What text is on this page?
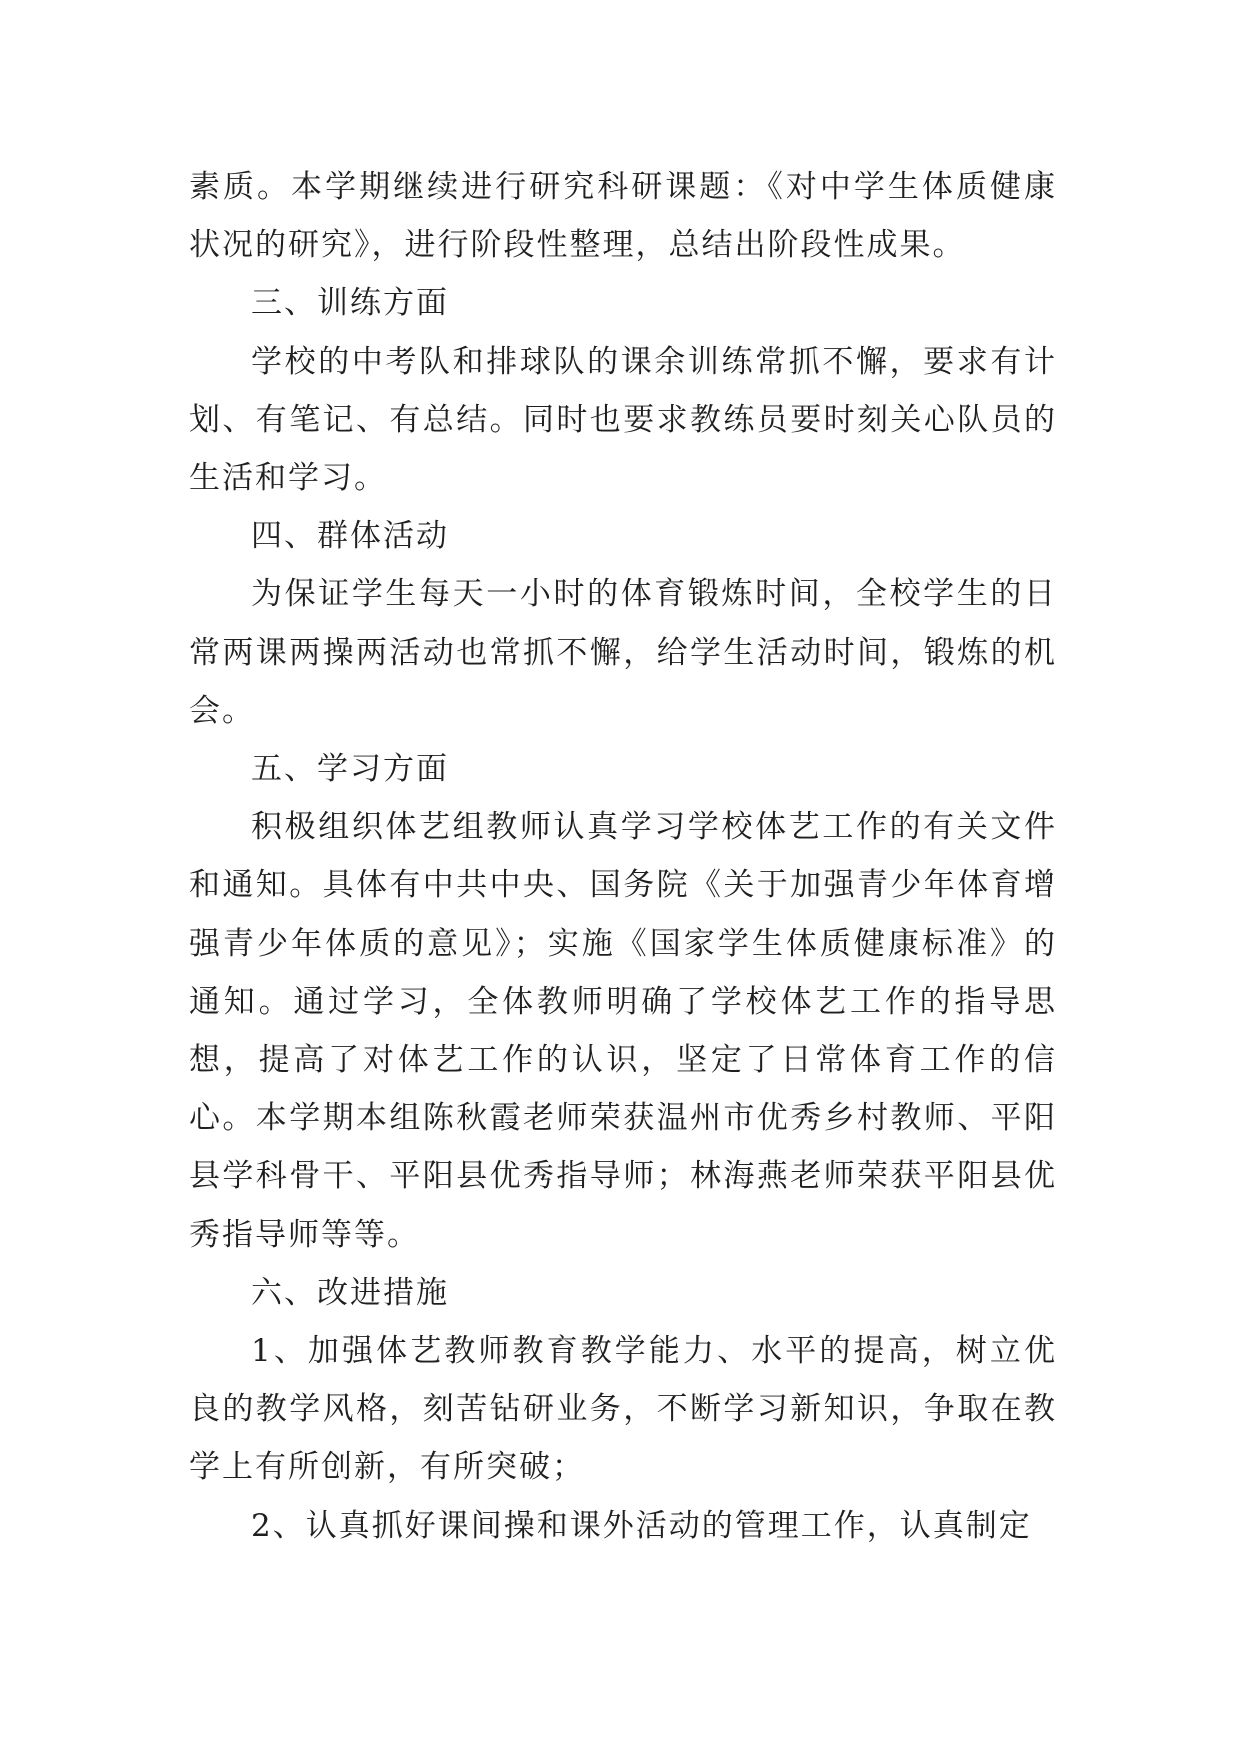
素质。本学期继续进行研究科研课题：《对中学生体质健康状况的研究》，进行阶段性整理，总结出阶段性成果。

三、训练方面

学校的中考队和排球队的课余训练常抓不懈，要求有计划、有笔记、有总结。同时也要求教练员要时刻关心队员的生活和学习。

四、群体活动

为保证学生每天一小时的体育锻炼时间，全校学生的日常两课两操两活动也常抓不懈，给学生活动时间，锻炼的机会。

五、学习方面

积极组织体艺组教师认真学习学校体艺工作的有关文件和通知。具体有中共中央、国务院《关于加强青少年体育增强青少年体质的意见》；实施《国家学生体质健康标准》的通知。通过学习，全体教师明确了学校体艺工作的指导思想，提高了对体艺工作的认识，坚定了日常体育工作的信心。本学期本组陈秋霞老师荣获温州市优秀乡村教师、平阳县学科骨干、平阳县优秀指导师；林海燕老师荣获平阳县优秀指导师等等。

六、改进措施

1、加强体艺教师教育教学能力、水平的提高，树立优良的教学风格，刻苦钻研业务，不断学习新知识，争取在教学上有所创新，有所突破；

2、认真抓好课间操和课外活动的管理工作，认真制定
